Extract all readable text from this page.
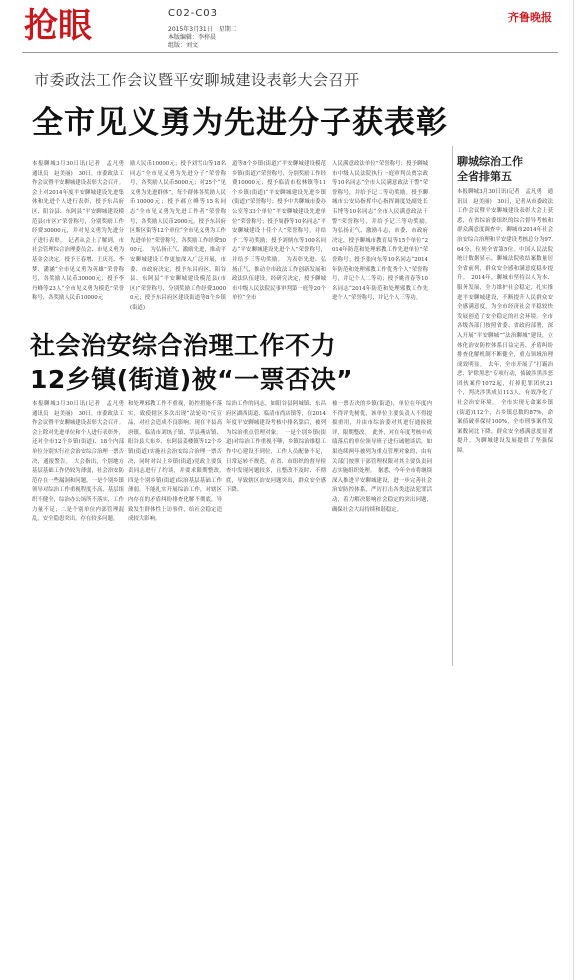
抢眼	C02-C03
2015年3月31日　星期二
本版编辑：李梓晨
组版：刘文
齐鲁晚报
市委政法工作会议暨平安聊城建设表彰大会召开
全市见义勇为先进分子获表彰
本报聊城3月30日讯(记者　孟凡勇　通讯员　赵美丽)　30日，市委政法工作会议暨平安聊城建设表彰大会召开。会上对2014年度平安聊城建设先进集体和先进个人进行表彰，授予东昌府区、阳谷县、东阿县“平安聊城建设模范县(市区)”荣誉称号，分别奖励工作经费30000元，并对见义勇为先进分子进行表彰。　记者从会上了解到，市社会管理综合治理委员会、市见义勇为基金会决定，授予王春增、王庆亮、李梦、潘涵“全市见义勇为英雄”荣誉称号，各奖励人民币30000元；授予李丹峰等23人“全市见义勇为模范”荣誉称号，各奖励人民币10000元
励人民币10000元；授予刘雪山等18名同志“全市见义勇为先进分子”荣誉称号，各奖励人民币5000元；对25个“见义勇为先进群体”，每个群体各奖励人民币10000元；授予郝立峰等15名同志“全市见义勇为先进工作者”荣誉称号，各奖励人民币2000元。授予东昌府区斯区街等12个单位“全市见义勇为工作先进单位”荣誉称号，各奖励工作经费5000元。　为弘扬正气、激励先进，推动平安聊城建设工作更加深入广泛开展，市委、市政府决定，授予东昌府区、阳谷县、东阿县“平安聊城建设模范县(市区)”荣誉称号，分别奖励工作经费30000元；授予东昌府区建设街道等8个乡镇(街道)
道等8个乡镇(街道)“平安聊城建设模范乡镇(街道)”荣誉称号，分别奖励工作经费10000元；授予临清市松林镇等11个乡镇(街道)“平安聊城建设先进乡镇(街道)”荣誉称号；授予中共聊城市委办公室等33个单位“平安聊城建设先进单位”荣誉称号；授予周静等10名同志“平安聊城建设十佳个人”荣誉称号，并给予二等功奖励；授予刘炳东等100名同志“平安聊城建设先进个人”荣誉称号，并给予三等功奖励。　为表彰先进、弘扬正气，推动全市政法工作创新发展和政法队伍建设，经研究决定，授予聊城市中级人民法院民事审判第一庭等20个单位“全市
人民满意政法单位”荣誉称号；授予聊城市中级人民法院执行一庭审判员贾宗政等10名同志“全市人民满意政法干警”荣誉称号，并给予记二等功奖励。授予聊城市公安局指挥中心指挥调度处副处长韦博等10名同志“全市人民满意政法干警”荣誉称号，并给予记三等功奖励。　为弘扬正气、激励斗志，市委、市政府决定，授予聊城市教育局等15个单位“2014年防范和处理邪教工作先进单位”荣誉称号；授予张向东等10名同志“2014年防范和处理邪教工作优秀个人”荣誉称号，并记个人二等功；授予姚青春等10名同志“2014年防范和处理邪教工作先进个人”荣誉称号，并记个人三等功。
聊城综治工作
全省排第五
本报聊城3月30日讯(记者　孟凡勇　通讯员　赵美丽)　30日，记者从市委政法工作会议暨平安聊城建设表彰大会上获悉，在省综治委组织的综合督导考核和群众满意度调查中，聊城市2014年社会治安综合治理和平安建设考核总分为97.64分，位列全省第5位。中国人民法院统计数据显示，聊城法院收结案数量居全省前列，群众安全感和满意度稳步提升。　2014年，聊城市坚持以人为本、服务发展，全力维护社会稳定，扎实推进平安聊城建设，不断提升人民群众安全感满意度，为全市经济社会平稳较快发展创造了安全稳定的社会环境。全市各级各部门按照省委、省政府部署，深入开展“平安聊城”“法治聊城”建设，立体化治安防控体系日益完善，矛盾纠纷排查化解机制不断健全，重点领域治理成效明显。　去年，全市开展了“打霸治恶、铲除黑恶”专项行动，侦破涉黑涉恶团伙案件1072起，打掉犯罪团伙21个，判决涉黑成员113人，有效净化了社会治安环境。　全市实现无命案乡镇(街道)112个，占乡镇总数的87%，命案侦破率保持100%，全市刑事案件发案数同比下降，群众安全感满意度显著提升，为聊城建设发展提供了坚强保障。
社会治安综合治理工作不力
12乡镇(街道)被“一票否决”
本报聊城3月30日讯(记者　孟凡勇　通讯员　赵美丽)　30日，市委政法工作会议暨平安聊城建设表彰大会召开。会上除对先进单位和个人进行表彰外，还对全市12个乡镇(街道)、18个内部单位分别实行社会治安综合治理一票否决，通报警告。　大会指出，个别地方基层基础工作仍较为薄弱，社会治安防范存在一些漏洞和问题，一是个别乡镇领导对综治工作重视程度不高，基层组织不健全，综治办公场所不落实，工作力量不足；二是个别单位内部管理混乱，安全隐患突出，存在较多问题。
和处理邪教工作不重视，防控措施不落实，致使辖区多次出现“法轮功”反宣品，对社会造成不良影响。现在平县高唐镇、临清市刘垓子镇、莘县燕店镇、阳谷县大布乡、东阿县姜楼镇等12个乡镇(街道)实施社会治安综合治理一票否决，同时对以上乡镇(街道)党政主要负责同志进行了约谈，并要求限期整改。　四是个别乡镇(街道)综治基层基础工作薄弱，不能扎实开展综治工作，对辖区内存在的矛盾纠纷排查化解不彻底，导致发生群体性上访事件，给社会稳定造成较大影响。
综治工作的同志，如阳谷县阿城镇、东昌府区湖西街道、临清市尚店镇等，在2014年度平安聊城建设考核中排名靠后，被列为综治重点管理对象。　一是个别乡镇(街道)对综治工作重视不够，乡镇综治维稳工作中心建设不到位，工作人员配备不足，日常运转不规范，在省、市组织的督导检查中发现问题较多，且整改不及时、不彻底，导致辖区治安问题突出，群众安全感下降。
被一票否决的乡镇(街道)，单位在年度内不得评先树优，该单位主要负责人不得提拔重用，并由市综治委对其进行通报批评，限期整改。　此外，对在年度考核中成绩落后的单位领导班子进行诫勉谈话，如果连续两年被列为重点管理对象的，由有关部门按照干部管理权限对其主要负责同志实施组织处理。　据悉，今年全市将继续深入推进平安聊城建设，进一步完善社会治安防控体系，严厉打击各类违法犯罪活动，着力解决影响社会稳定的突出问题，确保社会大局持续和谐稳定。
